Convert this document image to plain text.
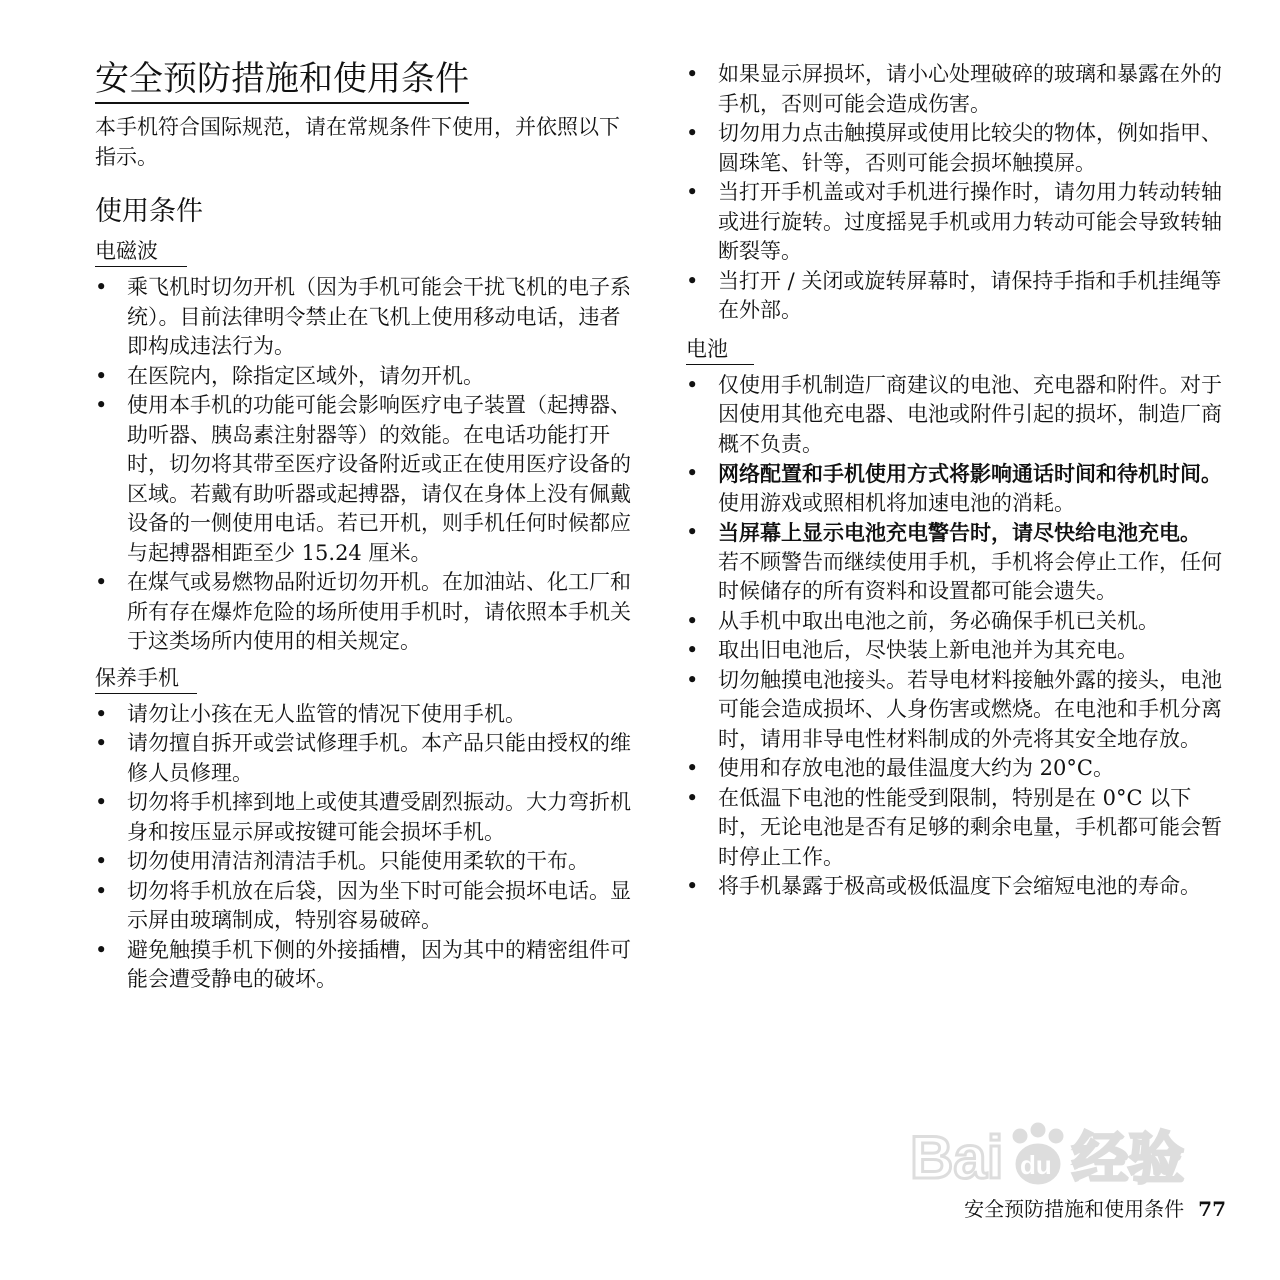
安全预防措施和使用条件

本手机符合国际规范，请在常规条件下使用，并依照以下指示。

使用条件
电磁波
• 乘飞机时切勿开机（因为手机可能会干扰飞机的电子系统）。目前法律明令禁止在飞机上使用移动电话，违者即构成违法行为。
• 在医院内，除指定区域外，请勿开机。
• 使用本手机的功能可能会影响医疗电子装置（起搏器、助听器、胰岛素注射器等）的效能。在电话功能打开时，切勿将其带至医疗设备附近或正在使用医疗设备的区域。若戴有助听器或起搏器，请仅在身体上没有佩戴设备的一侧使用电话。若已开机，则手机任何时候都应与起搏器相距至少 15.24 厘米。
• 在煤气或易燃物品附近切勿开机。在加油站、化工厂和所有存在爆炸危险的场所使用手机时，请依照本手机关于这类场所内使用的相关规定。
保养手机
• 请勿让小孩在无人监管的情况下使用手机。
• 请勿擅自拆开或尝试修理手机。本产品只能由授权的维修人员修理。
• 切勿将手机摔到地上或使其遭受剧烈振动。大力弯折机身和按压显示屏或按键可能会损坏手机。
• 切勿使用清洁剂清洁手机。只能使用柔软的干布。
• 切勿将手机放在后袋，因为坐下时可能会损坏电话。显示屏由玻璃制成，特别容易破碎。
• 避免触摸手机下侧的外接插槽，因为其中的精密组件可能会遭受静电的破坏。
• 如果显示屏损坏，请小心处理破碎的玻璃和暴露在外的手机，否则可能会造成伤害。
• 切勿用力点击触摸屏或使用比较尖的物体，例如指甲、圆珠笔、针等，否则可能会损坏触摸屏。
• 当打开手机盖或对手机进行操作时，请勿用力转动转轴或进行旋转。过度摇晃手机或用力转动可能会导致转轴断裂等。
• 当打开 / 关闭或旋转屏幕时，请保持手指和手机挂绳等在外部。
电池
• 仅使用手机制造厂商建议的电池、充电器和附件。对于因使用其他充电器、电池或附件引起的损坏，制造厂商概不负责。
• 网络配置和手机使用方式将影响通话时间和待机时间。
使用游戏或照相机将加速电池的消耗。
• 当屏幕上显示电池充电警告时，请尽快给电池充电。
若不顾警告而继续使用手机，手机将会停止工作，任何时候储存的所有资料和设置都可能会遗失。
• 从手机中取出电池之前，务必确保手机已关机。
• 取出旧电池后，尽快装上新电池并为其充电。
• 切勿触摸电池接头。若导电材料接触外露的接头，电池可能会造成损坏、人身伤害或燃烧。在电池和手机分离时，请用非导电性材料制成的外壳将其安全地存放。
• 使用和存放电池的最佳温度大约为 20°C。
• 在低温下电池的性能受到限制，特别是在 0°C 以下时，无论电池是否有足够的剩余电量，手机都可能会暂时停止工作。
• 将手机暴露于极高或极低温度下会缩短电池的寿命。
Bai du 经验
安全预防措施和使用条件 77
